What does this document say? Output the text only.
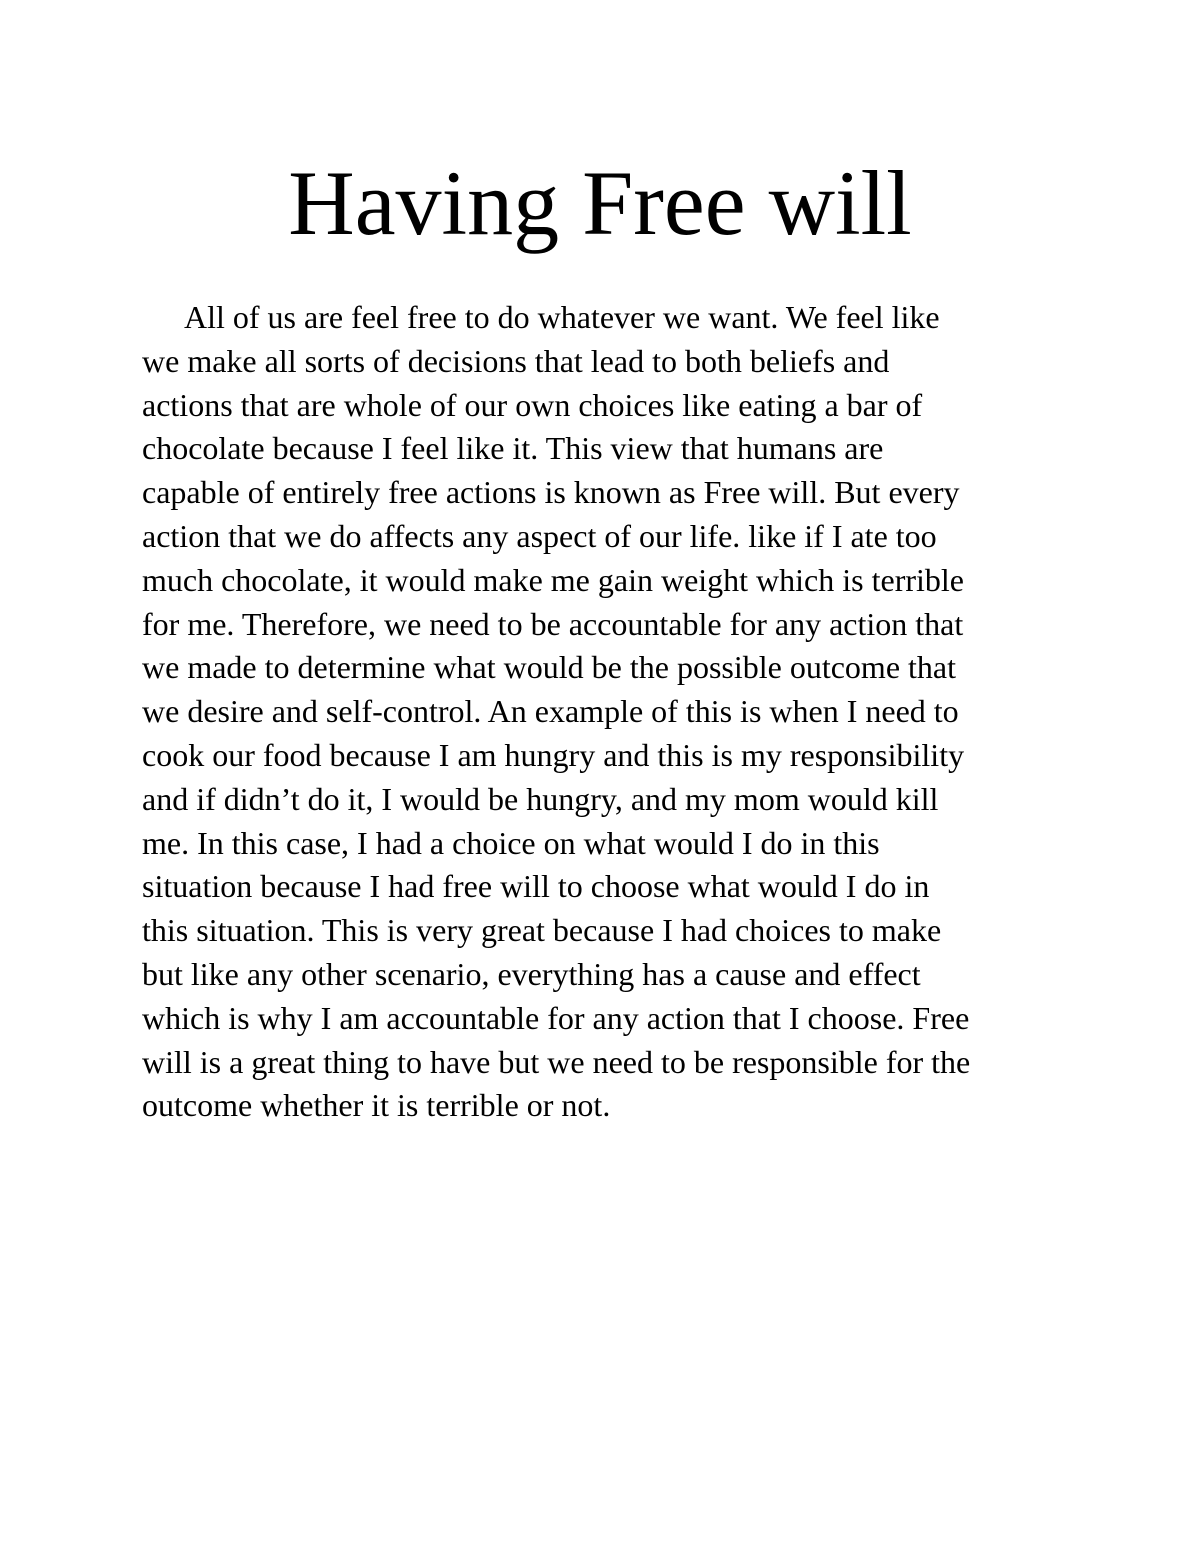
Having Free will

All of us are feel free to do whatever we want. We feel like
we make all sorts of decisions that lead to both beliefs and
actions that are whole of our own choices like eating a bar of
chocolate because I feel like it. This view that humans are
capable of entirely free actions is known as Free will. But every
action that we do affects any aspect of our life. like if I ate too
much chocolate, it would make me gain weight which is terrible
for me. Therefore, we need to be accountable for any action that
we made to determine what would be the possible outcome that
we desire and self-control. An example of this is when I need to
cook our food because I am hungry and this is my responsibility
and if didn’t do it, I would be hungry, and my mom would kill
me. In this case, I had a choice on what would I do in this
situation because I had free will to choose what would I do in
this situation. This is very great because I had choices to make
but like any other scenario, everything has a cause and effect
which is why I am accountable for any action that I choose. Free
will is a great thing to have but we need to be responsible for the
outcome whether it is terrible or not.
